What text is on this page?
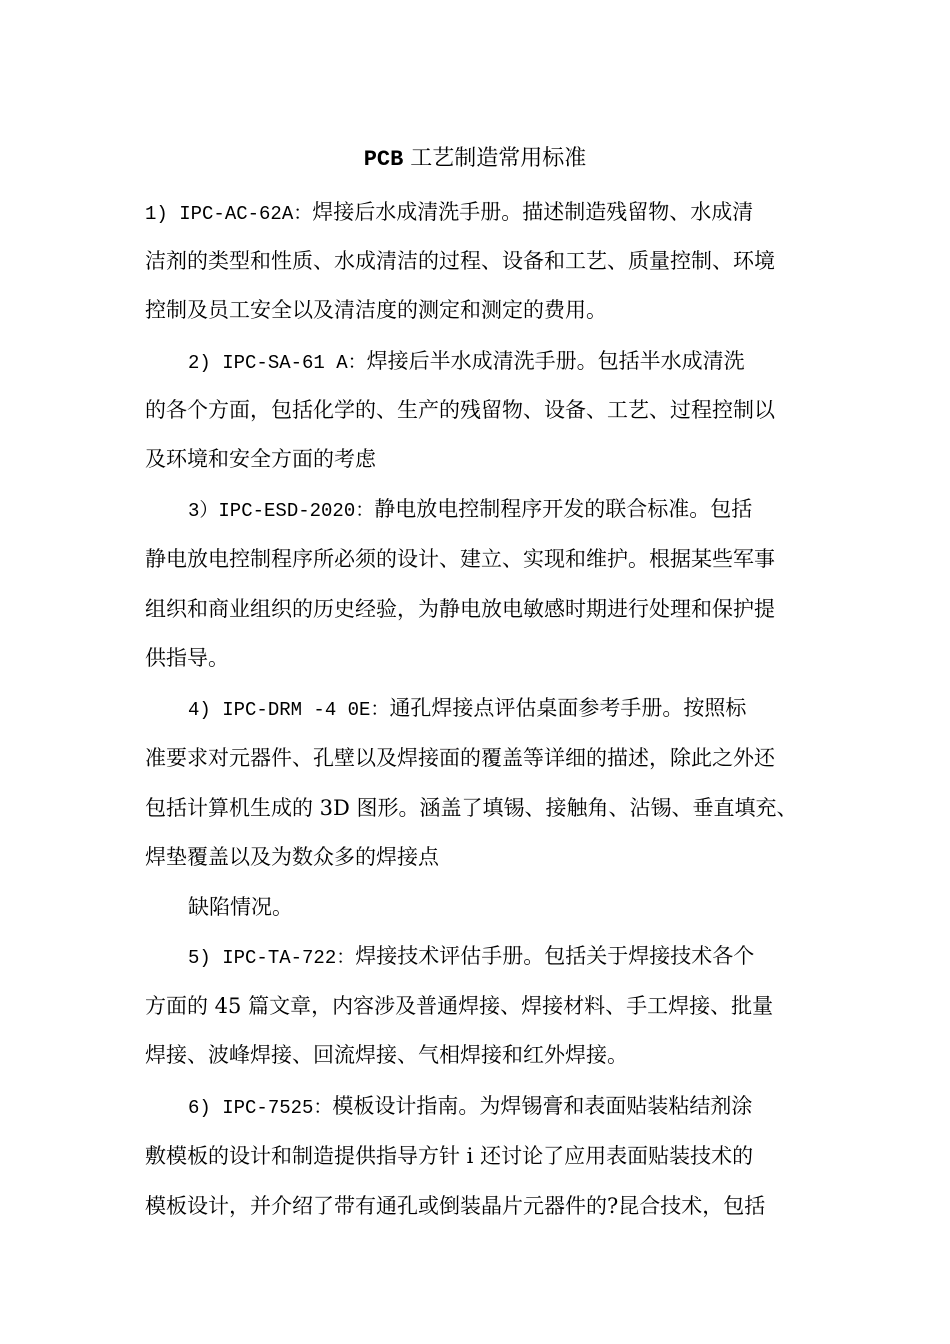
PCB 工艺制造常用标准
1) IPC-AC-62A：焊接后水成清洗手册。描述制造残留物、水成清
洁剂的类型和性质、水成清洁的过程、设备和工艺、质量控制、环境
控制及员工安全以及清洁度的测定和测定的费用。
2) IPC-SA-61 A：焊接后半水成清洗手册。包括半水成清洗
的各个方面，包括化学的、生产的残留物、设备、工艺、过程控制以
及环境和安全方面的考虑
3）IPC-ESD-2020：静电放电控制程序开发的联合标准。包括
静电放电控制程序所必须的设计、建立、实现和维护。根据某些军事
组织和商业组织的历史经验，为静电放电敏感时期进行处理和保护提
供指导。
4) IPC-DRM -4 0E：通孔焊接点评估桌面参考手册。按照标
准要求对元器件、孔壁以及焊接面的覆盖等详细的描述，除此之外还
包括计算机生成的 3D 图形。涵盖了填锡、接触角、沾锡、垂直填充、
焊垫覆盖以及为数众多的焊接点
缺陷情况。
5) IPC-TA-722：焊接技术评估手册。包括关于焊接技术各个
方面的 45 篇文章，内容涉及普通焊接、焊接材料、手工焊接、批量
焊接、波峰焊接、回流焊接、气相焊接和红外焊接。
6) IPC-7525：模板设计指南。为焊锡膏和表面贴装粘结剂涂
敷模板的设计和制造提供指导方针 i 还讨论了应用表面贴装技术的
模板设计，并介绍了带有通孔或倒装晶片元器件的?昆合技术，包括
